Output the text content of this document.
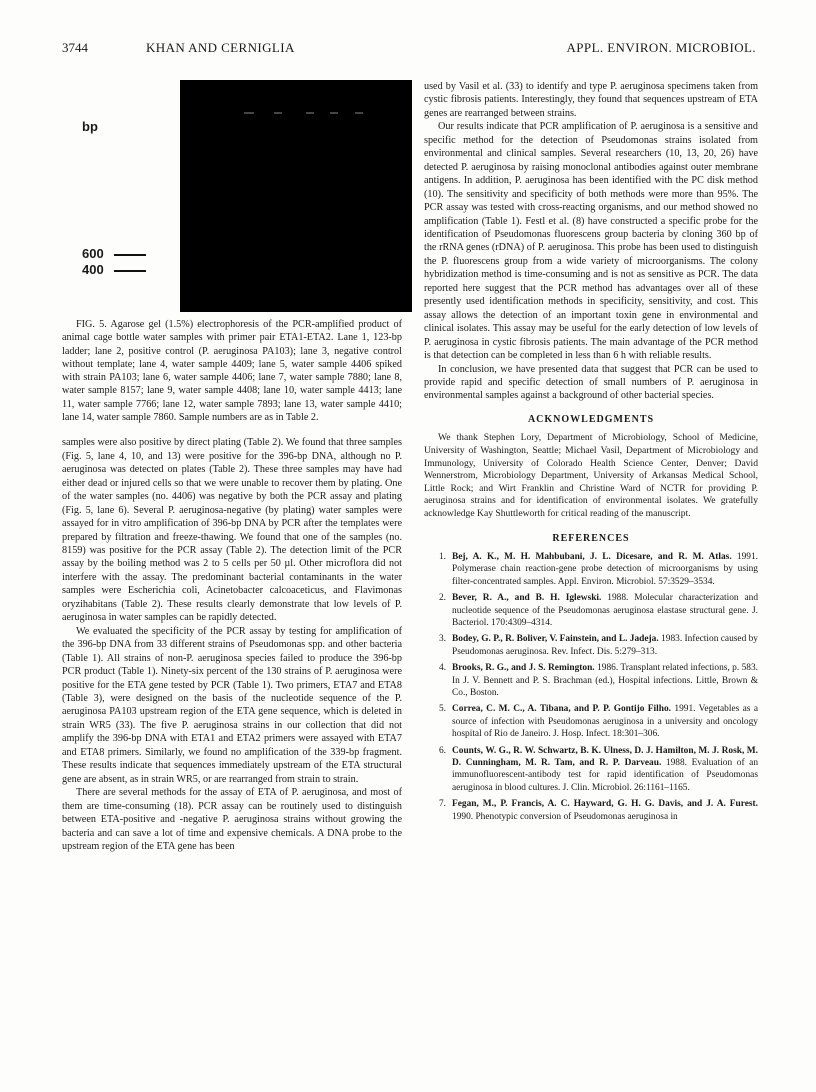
3744	KHAN AND CERNIGLIA	APPL. ENVIRON. MICROBIOL.
bp
600
400
FIG. 5. Agarose gel (1.5%) electrophoresis of the PCR-amplified product of animal cage bottle water samples with primer pair ETA1-ETA2. Lane 1, 123-bp ladder; lane 2, positive control (P. aeruginosa PA103); lane 3, negative control without template; lane 4, water sample 4409; lane 5, water sample 4406 spiked with strain PA103; lane 6, water sample 4406; lane 7, water sample 7880; lane 8, water sample 8157; lane 9, water sample 4408; lane 10, water sample 4413; lane 11, water sample 7766; lane 12, water sample 7893; lane 13, water sample 4410; lane 14, water sample 7860. Sample numbers are as in Table 2.

samples were also positive by direct plating (Table 2). We found that three samples (Fig. 5, lane 4, 10, and 13) were positive for the 396-bp DNA, although no P. aeruginosa was detected on plates (Table 2). These three samples may have had either dead or injured cells so that we were unable to recover them by plating. One of the water samples (no. 4406) was negative by both the PCR assay and plating (Fig. 5, lane 6). Several P. aeruginosa-negative (by plating) water samples were assayed for in vitro amplification of 396-bp DNA by PCR after the templates were prepared by filtration and freeze-thawing. We found that one of the samples (no. 8159) was positive for the PCR assay (Table 2). The detection limit of the PCR assay by the boiling method was 2 to 5 cells per 50 µl. Other microflora did not interfere with the assay. The predominant bacterial contaminants in the water samples were Escherichia coli, Acinetobacter calcoaceticus, and Flavimonas oryzihabitans (Table 2). These results clearly demonstrate that low levels of P. aeruginosa in water samples can be rapidly detected.

We evaluated the specificity of the PCR assay by testing for amplification of the 396-bp DNA from 33 different strains of Pseudomonas spp. and other bacteria (Table 1). All strains of non-P. aeruginosa species failed to produce the 396-bp PCR product (Table 1). Ninety-six percent of the 130 strains of P. aeruginosa were positive for the ETA gene tested by PCR (Table 1). Two primers, ETA7 and ETA8 (Table 3), were designed on the basis of the nucleotide sequence of the P. aeruginosa PA103 upstream region of the ETA gene sequence, which is deleted in strain WR5 (33). The five P. aeruginosa strains in our collection that did not amplify the 396-bp DNA with ETA1 and ETA2 primers were assayed with ETA7 and ETA8 primers. Similarly, we found no amplification of the 339-bp fragment. These results indicate that sequences immediately upstream of the ETA structural gene are absent, as in strain WR5, or are rearranged from strain to strain.

There are several methods for the assay of ETA of P. aeruginosa, and most of them are time-consuming (18). PCR assay can be routinely used to distinguish between ETA-positive and -negative P. aeruginosa strains without growing the bacteria and can save a lot of time and expensive chemicals. A DNA probe to the upstream region of the ETA gene has been

used by Vasil et al. (33) to identify and type P. aeruginosa specimens taken from cystic fibrosis patients. Interestingly, they found that sequences upstream of ETA genes are rearranged between strains.

Our results indicate that PCR amplification of P. aeruginosa is a sensitive and specific method for the detection of Pseudomonas strains isolated from environmental and clinical samples. Several researchers (10, 13, 20, 26) have detected P. aeruginosa by raising monoclonal antibodies against outer membrane antigens. In addition, P. aeruginosa has been identified with the PC disk method (10). The sensitivity and specificity of both methods were more than 95%. The PCR assay was tested with cross-reacting organisms, and our method showed no amplification (Table 1). Festl et al. (8) have constructed a specific probe for the identification of Pseudomonas fluorescens group bacteria by cloning 360 bp of the rRNA genes (rDNA) of P. aeruginosa. This probe has been used to distinguish the P. fluorescens group from a wide variety of microorganisms. The colony hybridization method is time-consuming and is not as sensitive as PCR. The data reported here suggest that the PCR method has advantages over all of these presently used identification methods in specificity, sensitivity, and cost. This assay allows the detection of an important toxin gene in environmental and clinical isolates. This assay may be useful for the early detection of low levels of P. aeruginosa in cystic fibrosis patients. The main advantage of the PCR method is that detection can be completed in less than 6 h with reliable results.

In conclusion, we have presented data that suggest that PCR can be used to provide rapid and specific detection of small numbers of P. aeruginosa in environmental samples against a background of other bacterial species.

ACKNOWLEDGMENTS
We thank Stephen Lory, Department of Microbiology, School of Medicine, University of Washington, Seattle; Michael Vasil, Department of Microbiology and Immunology, University of Colorado Health Science Center, Denver; David Wennerstrom, Microbiology Department, University of Arkansas Medical School, Little Rock; and Wirt Franklin and Christine Ward of NCTR for providing P. aeruginosa strains and for identification of environmental isolates. We gratefully acknowledge Kay Shuttleworth for critical reading of the manuscript.
REFERENCES
1. Bej, A. K., M. H. Mahbubani, J. L. Dicesare, and R. M. Atlas. 1991. Polymerase chain reaction-gene probe detection of microorganisms by using filter-concentrated samples. Appl. Environ. Microbiol. 57:3529–3534.
2. Bever, R. A., and B. H. Iglewski. 1988. Molecular characterization and nucleotide sequence of the Pseudomonas aeruginosa elastase structural gene. J. Bacteriol. 170:4309–4314.
3. Bodey, G. P., R. Boliver, V. Fainstein, and L. Jadeja. 1983. Infection caused by Pseudomonas aeruginosa. Rev. Infect. Dis. 5:279–313.
4. Brooks, R. G., and J. S. Remington. 1986. Transplant related infections, p. 583. In J. V. Bennett and P. S. Brachman (ed.), Hospital infections. Little, Brown & Co., Boston.
5. Correa, C. M. C., A. Tibana, and P. P. Gontijo Filho. 1991. Vegetables as a source of infection with Pseudomonas aeruginosa in a university and oncology hospital of Rio de Janeiro. J. Hosp. Infect. 18:301–306.
6. Counts, W. G., R. W. Schwartz, B. K. Ulness, D. J. Hamilton, M. J. Rosk, M. D. Cunningham, M. R. Tam, and R. P. Darveau. 1988. Evaluation of an immunofluorescent-antibody test for rapid identification of Pseudomonas aeruginosa in blood cultures. J. Clin. Microbiol. 26:1161–1165.
7. Fegan, M., P. Francis, A. C. Hayward, G. H. G. Davis, and J. A. Furest. 1990. Phenotypic conversion of Pseudomonas aeruginosa in
